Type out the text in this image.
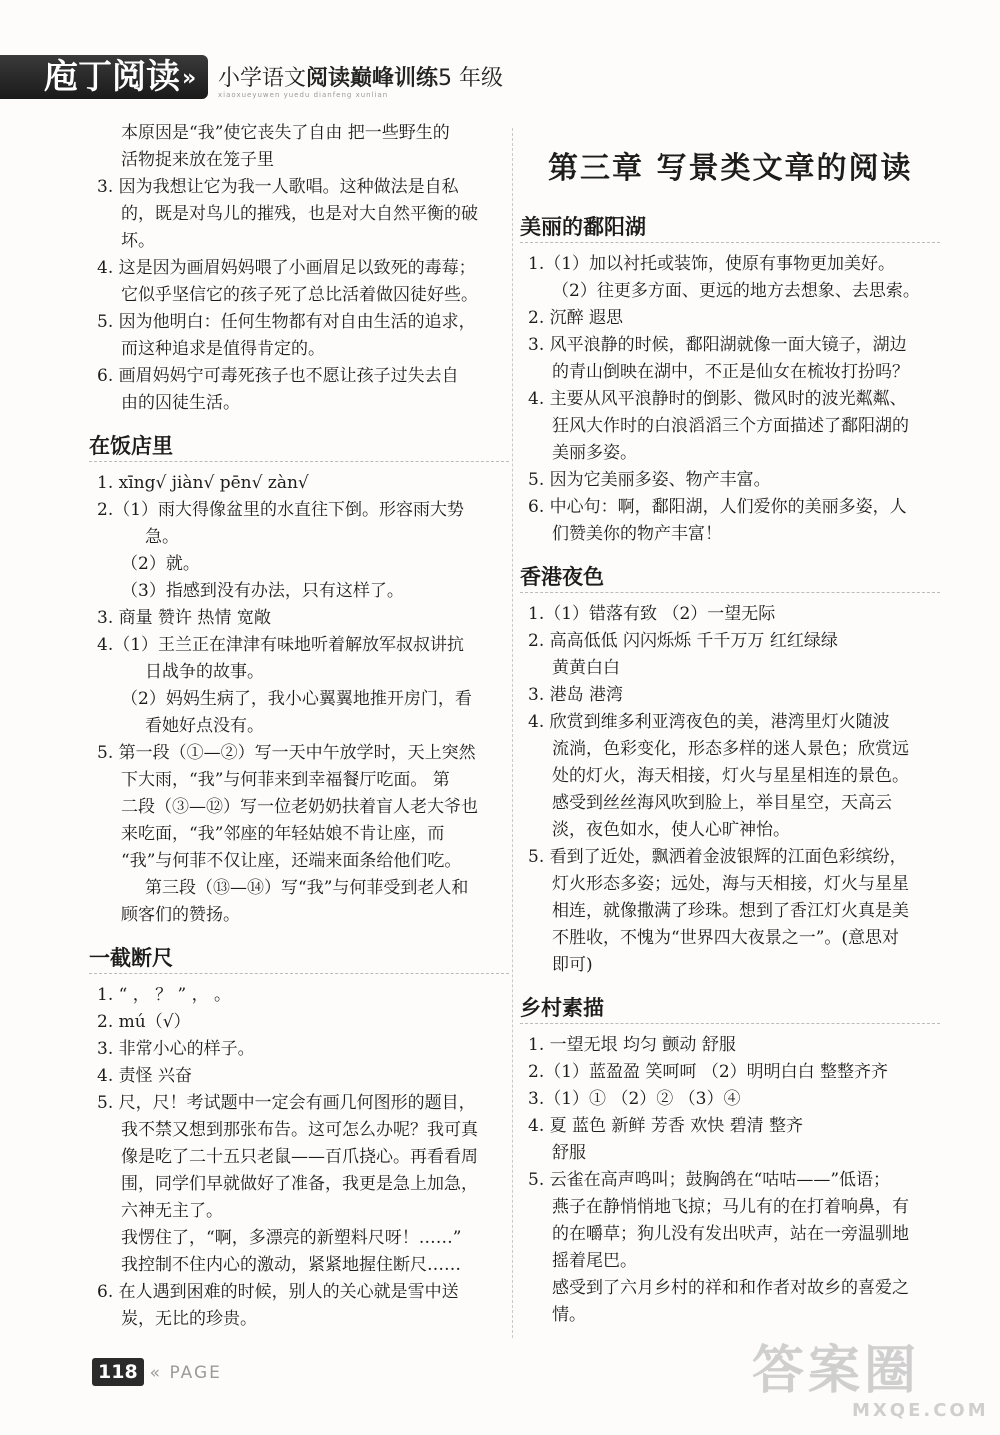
庖丁阅读» 小学语文阅读巅峰训练5 年级
xiaoxueyuwen yuedu dianfeng xunlian
本原因是“我”使它丧失了自由 把一些野生的
活物捉来放在笼子里
3. 因为我想让它为我一人歌唱。这种做法是自私
的，既是对鸟儿的摧残，也是对大自然平衡的破
坏。
4. 这是因为画眉妈妈喂了小画眉足以致死的毒莓；
它似乎坚信它的孩子死了总比活着做囚徒好些。
5. 因为他明白：任何生物都有对自由生活的追求，
而这种追求是值得肯定的。
6. 画眉妈妈宁可毒死孩子也不愿让孩子过失去自
由的囚徒生活。
在饭店里
1. xīng√ jiàn√ pēn√ zàn√
2.（1）雨大得像盆里的水直往下倒。形容雨大势
急。
（2）就。
（3）指感到没有办法，只有这样了。
3. 商量 赞许 热情 宽敞
4.（1）王兰正在津津有味地听着解放军叔叔讲抗
日战争的故事。
（2）妈妈生病了，我小心翼翼地推开房门，看
看她好点没有。
5. 第一段（①—②）写一天中午放学时，天上突然
下大雨，“我”与何菲来到幸福餐厅吃面。 第
二段（③—⑫）写一位老奶奶扶着盲人老大爷也
来吃面，“我”邻座的年轻姑娘不肯让座，而
“我”与何菲不仅让座，还端来面条给他们吃。
第三段（⑬—⑭）写“我”与何菲受到老人和
顾客们的赞扬。
一截断尺
1. “ ， ？ ” ， 。
2. mú（√）
3. 非常小心的样子。
4. 责怪 兴奋
5. 尺，尺！考试题中一定会有画几何图形的题目，
我不禁又想到那张布告。这可怎么办呢？我可真
像是吃了二十五只老鼠——百爪挠心。再看看周
围，同学们早就做好了准备，我更是急上加急，
六神无主了。
我愣住了，“啊，多漂亮的新塑料尺呀！……”
我控制不住内心的激动，紧紧地握住断尺……
6. 在人遇到困难的时候，别人的关心就是雪中送
炭，无比的珍贵。
第三章 写景类文章的阅读
美丽的鄱阳湖
1.（1）加以衬托或装饰，使原有事物更加美好。
（2）往更多方面、更远的地方去想象、去思索。
2. 沉醉 遐思
3. 风平浪静的时候，鄱阳湖就像一面大镜子，湖边
的青山倒映在湖中，不正是仙女在梳妆打扮吗？
4. 主要从风平浪静时的倒影、微风时的波光粼粼、
狂风大作时的白浪滔滔三个方面描述了鄱阳湖的
美丽多姿。
5. 因为它美丽多姿、物产丰富。
6. 中心句：啊，鄱阳湖，人们爱你的美丽多姿，人
们赞美你的物产丰富！
香港夜色
1.（1）错落有致 （2）一望无际
2. 高高低低 闪闪烁烁 千千万万 红红绿绿
黄黄白白
3. 港岛 港湾
4. 欣赏到维多利亚湾夜色的美，港湾里灯火随波
流淌，色彩变化，形态多样的迷人景色；欣赏远
处的灯火，海天相接，灯火与星星相连的景色。
感受到丝丝海风吹到脸上，举目星空，天高云
淡，夜色如水，使人心旷神怡。
5. 看到了近处，飘洒着金波银辉的江面色彩缤纷，
灯火形态多姿；远处，海与天相接，灯火与星星
相连，就像撒满了珍珠。想到了香江灯火真是美
不胜收，不愧为“世界四大夜景之一”。(意思对
即可)
乡村素描
1. 一望无垠 均匀 颤动 舒服
2.（1）蓝盈盈 笑呵呵 （2）明明白白 整整齐齐
3.（1）① （2）② （3）④
4. 夏 蓝色 新鲜 芳香 欢快 碧清 整齐
舒服
5. 云雀在高声鸣叫；鼓胸鸽在“咕咕——”低语；
燕子在静悄悄地飞掠；马儿有的在打着响鼻，有
的在嚼草；狗儿没有发出吠声，站在一旁温驯地
摇着尾巴。
感受到了六月乡村的祥和和作者对故乡的喜爱之
情。
118 « PAGE	答案圈
MXQE.COM
